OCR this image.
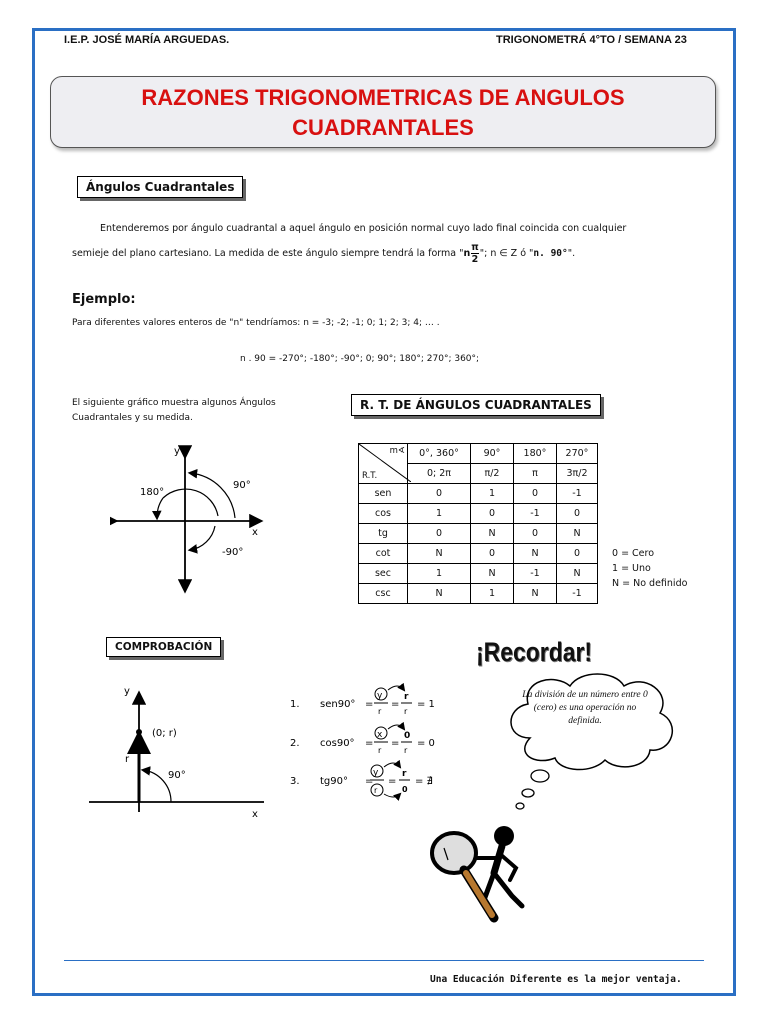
I.E.P. JOSÉ MARÍA ARGUEDAS.	TRIGONOMETRÁ 4°TO / SEMANA 23
RAZONES TRIGONOMETRICAS DE ANGULOS
CUADRANTALES
Ángulos Cuadrantales
Entenderemos por ángulo cuadrantal a aquel ángulo en posición normal cuyo lado final coincida con cualquier
semieje del plano cartesiano. La medida de este ángulo siempre tendrá la forma "$n \frac{\pi}{2}$ "; n ∈ Z ó "n. 90°".
Ejemplo:
Para diferentes valores enteros de "n" tendríamos: n = -3; -2; -1; 0; 1; 2; 3; 4; … .
n . 90 = -270°; -180°; -90°; 0; 90°; 180°; 270°; 360°;
El siguiente gráfico muestra algunos Ángulos
Cuadrantales y su medida.
y
x
90°
180°
-90°
R. T. DE ÁNGULOS CUADRANTALES
m∢
R.T.	0°, 360°	90°	180°	270°
	0; 2π	π/2	π	3π/2
sen	0	1	0	-1
cos	1	0	-1	0
tg	0	N	0	N
cot	N	0	N	0
sec	1	N	-1	N
csc	N	1	N	-1
0 = Cero
1 = Uno
N = No definido
COMPROBACIÓN
y
x
(0; r)
r
90°
1. sen90° =
y
r
=
r
r
= 1
2. cos90° =
x
r
=
0
r
= 0
3. tg90° =
y
r
=
r
0
= ∄
¡Recordar!
La división de un número entre 0 (cero) es una operación no definida.
Una Educación Diferente es la mejor ventaja.
